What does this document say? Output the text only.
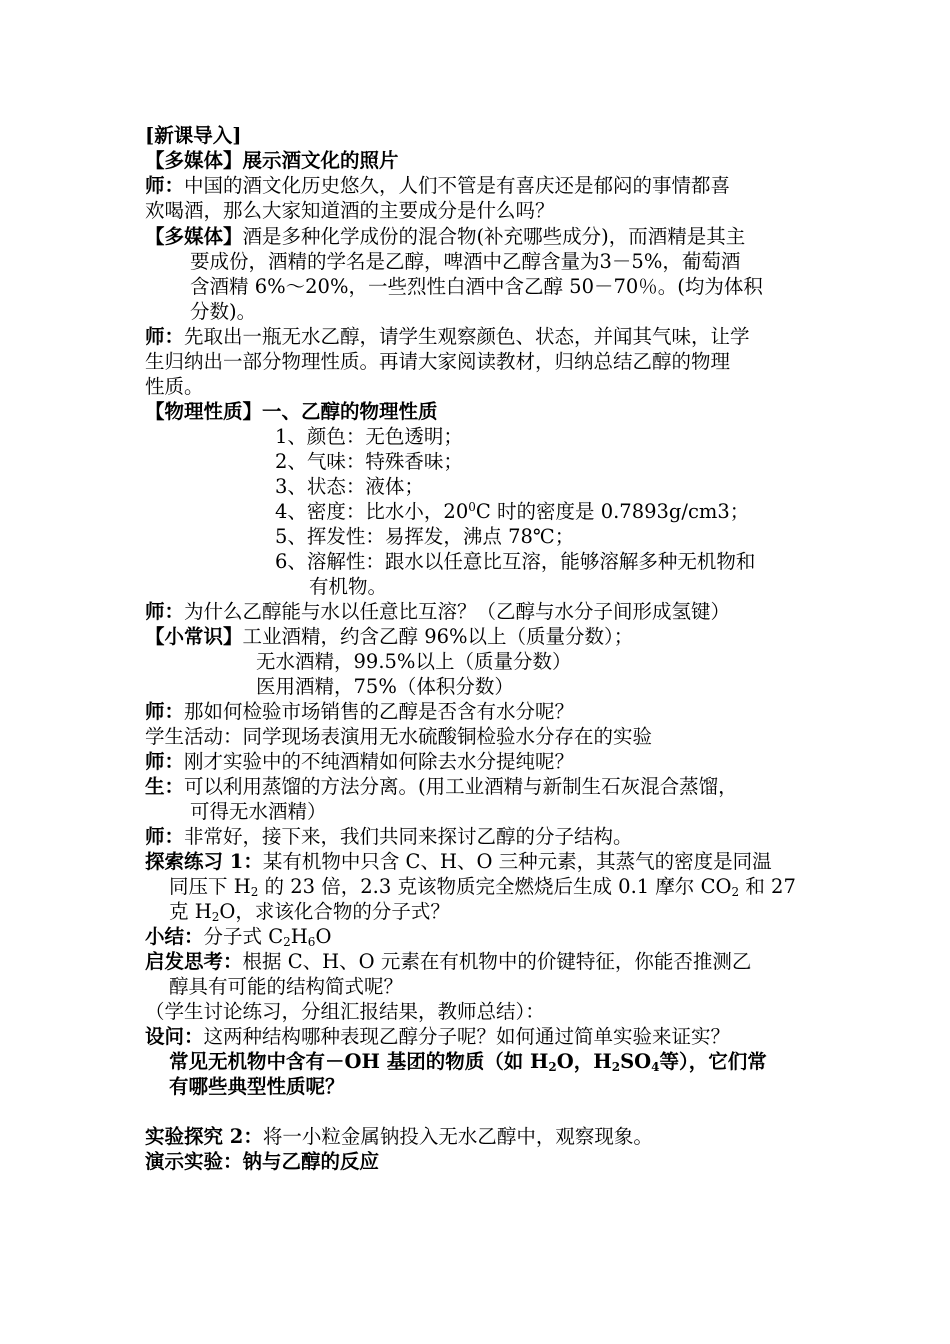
[新课导入]
【多媒体】展示酒文化的照片
师：中国的酒文化历史悠久，人们不管是有喜庆还是郁闷的事情都喜
欢喝酒，那么大家知道酒的主要成分是什么吗？
【多媒体】酒是多种化学成份的混合物(补充哪些成分)，而酒精是其主
要成份，酒精的学名是乙醇，啤酒中乙醇含量为3－5%，葡萄酒
含酒精 6%～20%，一些烈性白酒中含乙醇 50－70％。(均为体积
分数)。
师：先取出一瓶无水乙醇，请学生观察颜色、状态，并闻其气味，让学
生归纳出一部分物理性质。再请大家阅读教材，归纳总结乙醇的物理
性质。
【物理性质】一、乙醇的物理性质
1、颜色：无色透明；
2、气味：特殊香味；
3、状态：液体；
4、密度：比水小，$20^0C$ 时的密度是 0.7893g/cm3；
5、挥发性：易挥发，沸点 78℃；
6、溶解性：跟水以任意比互溶，能够溶解多种无机物和
有机物。
师：为什么乙醇能与水以任意比互溶？（乙醇与水分子间形成氢键）
【小常识】工业酒精，约含乙醇 96%以上（质量分数）；
无水酒精，99.5%以上（质量分数）
医用酒精，75%（体积分数）
师：那如何检验市场销售的乙醇是否含有水分呢？
学生活动：同学现场表演用无水硫酸铜检验水分存在的实验
师：刚才实验中的不纯酒精如何除去水分提纯呢？
生：可以利用蒸馏的方法分离。(用工业酒精与新制生石灰混合蒸馏，
可得无水酒精）
师：非常好，接下来，我们共同来探讨乙醇的分子结构。
探索练习 1：某有机物中只含 C、H、O 三种元素，其蒸气的密度是同温
同压下 $H_2$ 的 23 倍，2.3 克该物质完全燃烧后生成 0.1 摩尔 $CO_2$ 和 27
克 $H_2O$，求该化合物的分子式？
小结：分子式 $C_2H_6O$
启发思考：根据 C、H、O 元素在有机物中的价键特征，你能否推测乙
醇具有可能的结构简式呢？
（学生讨论练习，分组汇报结果，教师总结）：
设问：这两种结构哪种表现乙醇分子呢？如何通过简单实验来证实？
常见无机物中含有－OH 基团的物质（如 $H_2O$，$H_2SO_4$等），它们常
有哪些典型性质呢？
实验探究 2：将一小粒金属钠投入无水乙醇中，观察现象。
演示实验：钠与乙醇的反应
